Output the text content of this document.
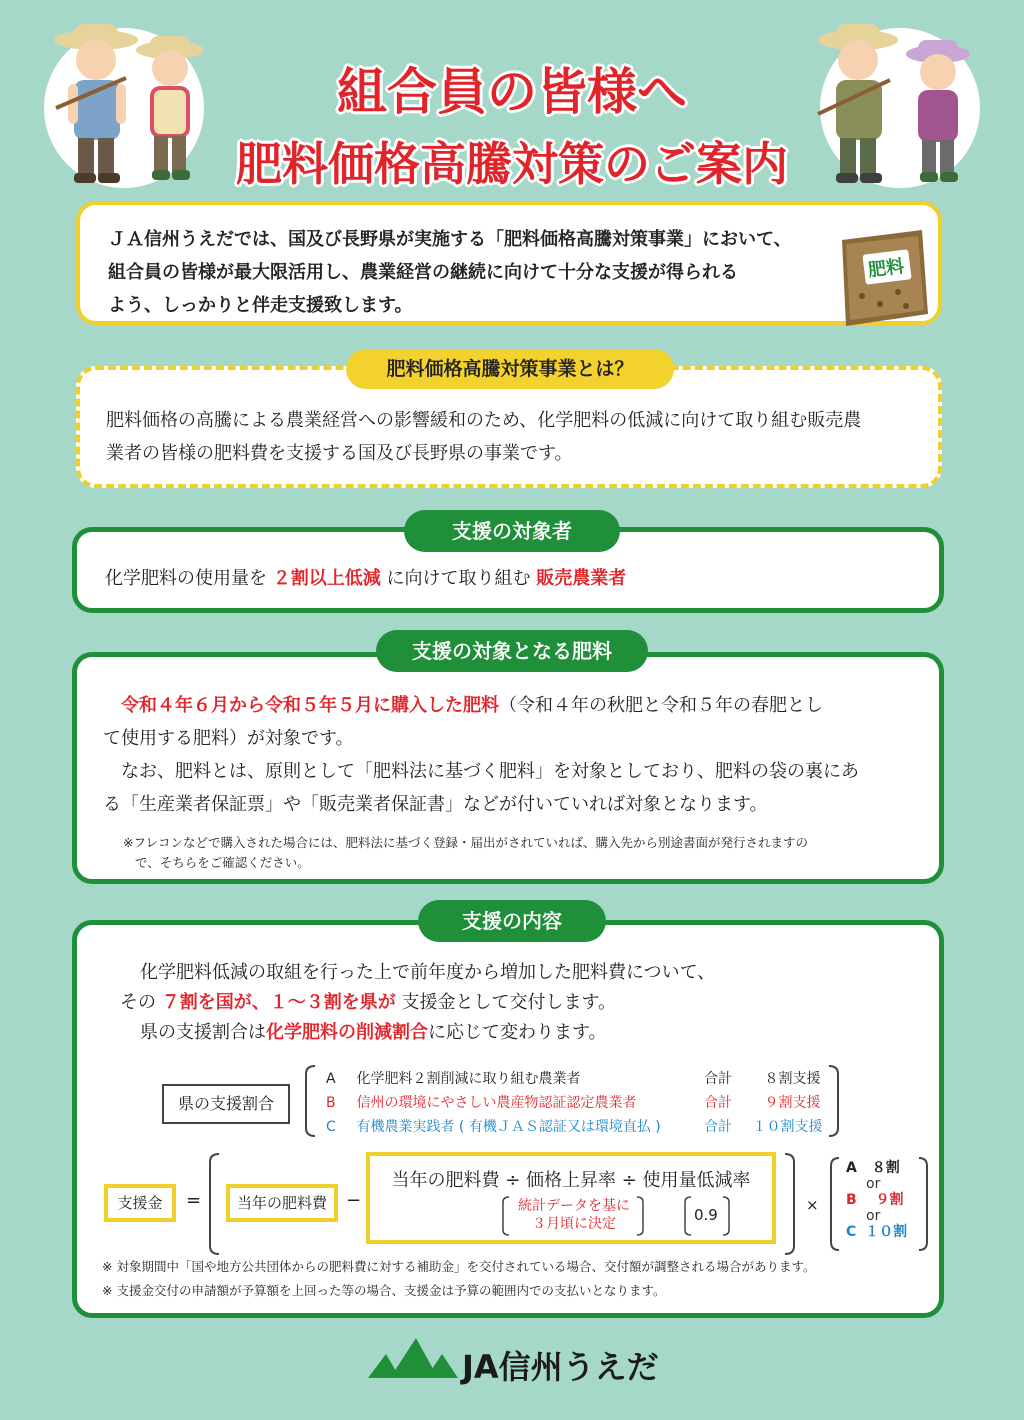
組合員の皆様へ
肥料価格高騰対策のご案内

ＪＡ信州うえだでは、国及び長野県が実施する「肥料価格高騰対策事業」において、

組合員の皆様が最大限活用し、農業経営の継続に向けて十分な支援が得られる

よう、しっかりと伴走支援致します。

肥料

肥料価格の高騰による農業経営への影響緩和のため、化学肥料の低減に向けて取り組む販売農

業者の皆様の肥料費を支援する国及び長野県の事業です。

肥料価格高騰対策事業とは？

化学肥料の使用量を ２割以上低減 に向けて取り組む 販売農業者

支援の対象者

令和４年６月から令和５年５月に購入した肥料（令和４年の秋肥と令和５年の春肥とし

て使用する肥料）が対象です。

なお、肥料とは、原則として「肥料法に基づく肥料」を対象としており、肥料の袋の裏にあ

る「生産業者保証票」や「販売業者保証書」などが付いていれば対象となります。

※フレコンなどで購入された場合には、肥料法に基づく登録・届出がされていれば、購入先から別途書面が発行されますの

で、そちらをご確認ください。

支援の対象となる肥料
支援の内容

化学肥料低減の取組を行った上で前年度から増加した肥料費について、

その ７割を国が、１～３割を県が 支援金として交付します。

県の支援割合は化学肥料の削減割合に応じて変わります。

県の支援割合
A 化学肥料２割削減に取り組む農業者	合計 ８割支援
B 信州の環境にやさしい農産物認証認定農業者	合計 ９割支援
C 有機農業実践者 ( 有機ＪＡＳ認証又は環境直払 )	合計 １０割支援
支援金	=	当年の肥料費	−
当年の肥料費 ÷ 価格上昇率 ÷ 使用量低減率
統計データを基に
３月頃に決定	0.9
×
A ８割
or
B ９割
or
C １０割

※ 対象期間中「国や地方公共団体からの肥料費に対する補助金」を交付されている場合、交付額が調整される場合があります。

※ 支援金交付の申請額が予算額を上回った等の場合、支援金は予算の範囲内での支払いとなります。

JA信州うえだ
